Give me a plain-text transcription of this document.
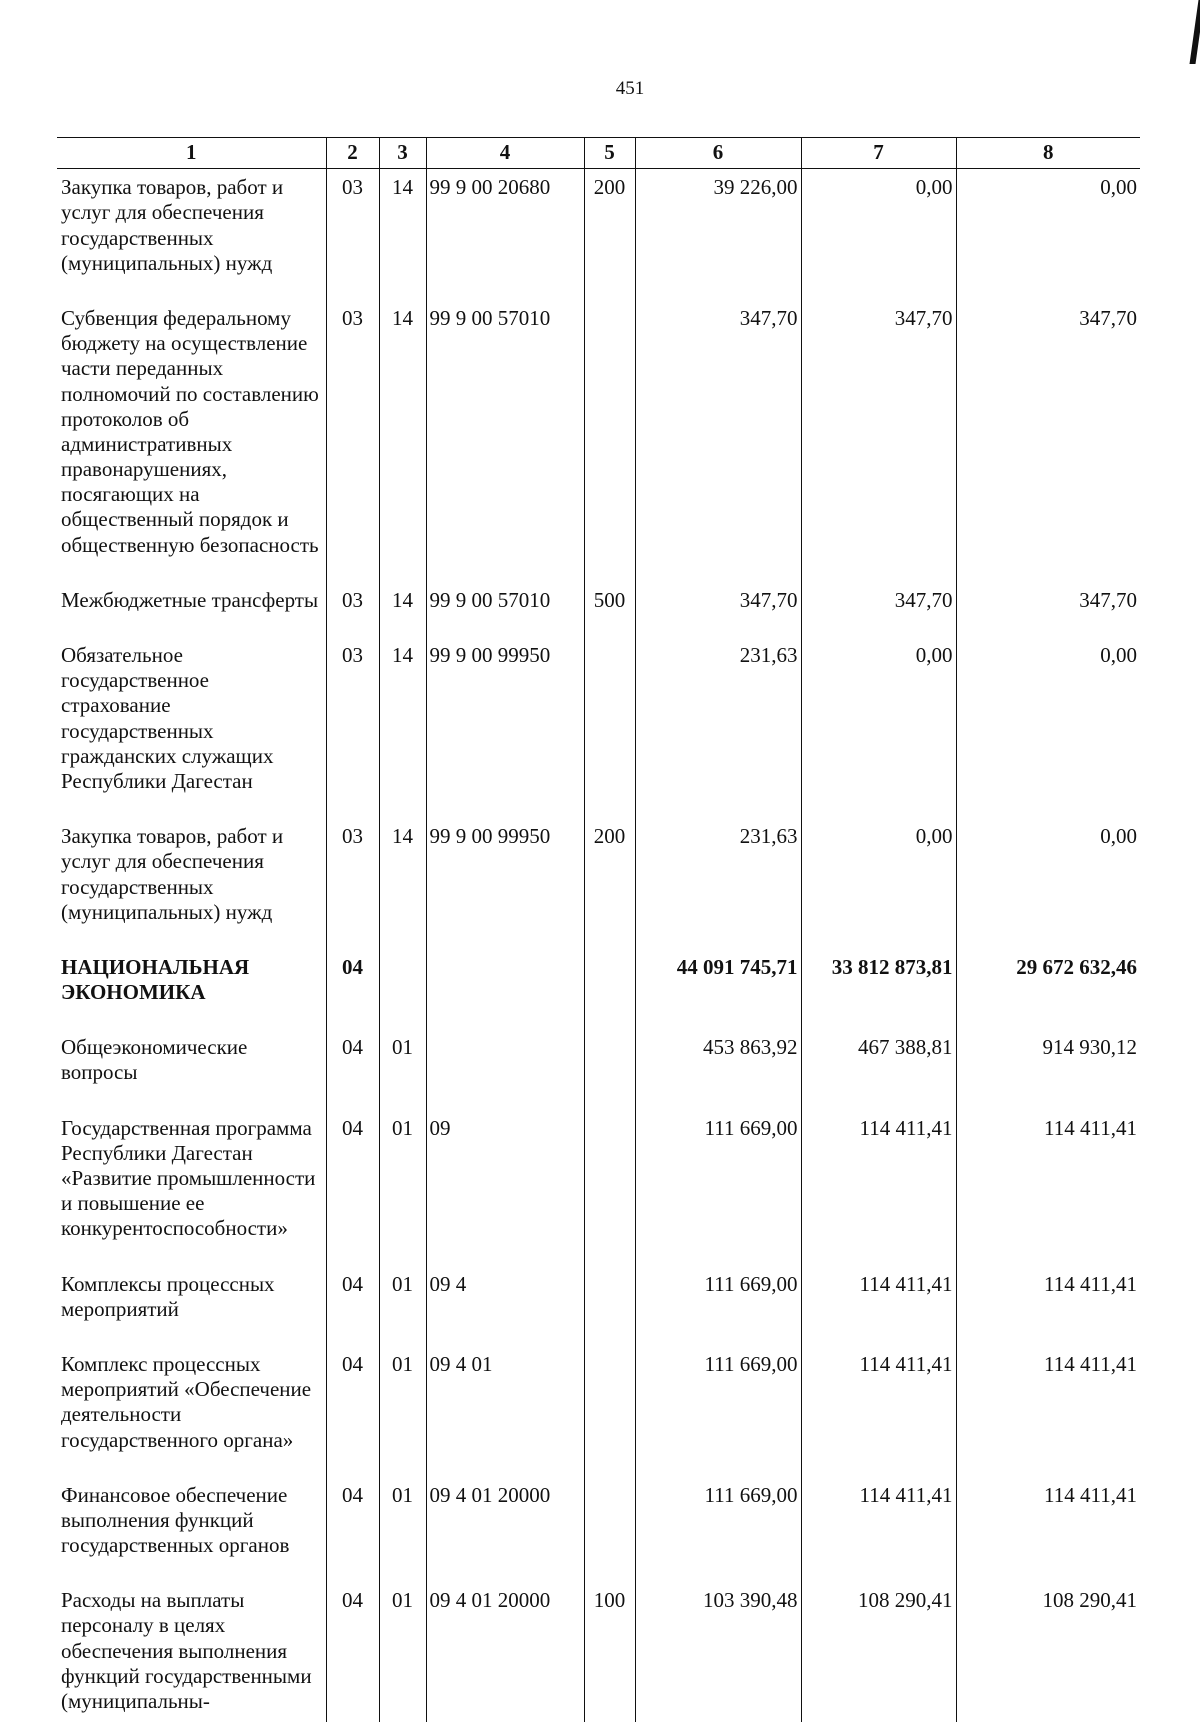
451
1	2	3	4	5	6	7	8
Закупка товаров, работ и услуг для обеспечения государственных (муниципальных) нужд	03	14	99 9 00 20680	200	39 226,00	0,00	0,00
Субвенция федеральному бюджету на осуществление части переданных полномочий по составлению протоколов об административных правонарушениях, посягающих на общественный порядок и общественную безопасность	03	14	99 9 00 57010		347,70	347,70	347,70
Межбюджетные трансферты	03	14	99 9 00 57010	500	347,70	347,70	347,70
Обязательное государственное страхование государственных гражданских служащих Республики Дагестан	03	14	99 9 00 99950		231,63	0,00	0,00
Закупка товаров, работ и услуг для обеспечения государственных (муниципальных) нужд	03	14	99 9 00 99950	200	231,63	0,00	0,00
НАЦИОНАЛЬНАЯ ЭКОНОМИКА	04				44 091 745,71	33 812 873,81	29 672 632,46
Общеэкономические вопросы	04	01			453 863,92	467 388,81	914 930,12
Государственная программа Республики Дагестан «Развитие промышленности и повышение ее конкурентоспособности»	04	01	09		111 669,00	114 411,41	114 411,41
Комплексы процессных мероприятий	04	01	09 4		111 669,00	114 411,41	114 411,41
Комплекс процессных мероприятий «Обеспечение деятельности государственного органа»	04	01	09 4 01		111 669,00	114 411,41	114 411,41
Финансовое обеспечение выполнения функций государственных органов	04	01	09 4 01 20000		111 669,00	114 411,41	114 411,41
Расходы на выплаты персоналу в целях обеспечения выполнения функций государственными (муниципальны-	04	01	09 4 01 20000	100	103 390,48	108 290,41	108 290,41
